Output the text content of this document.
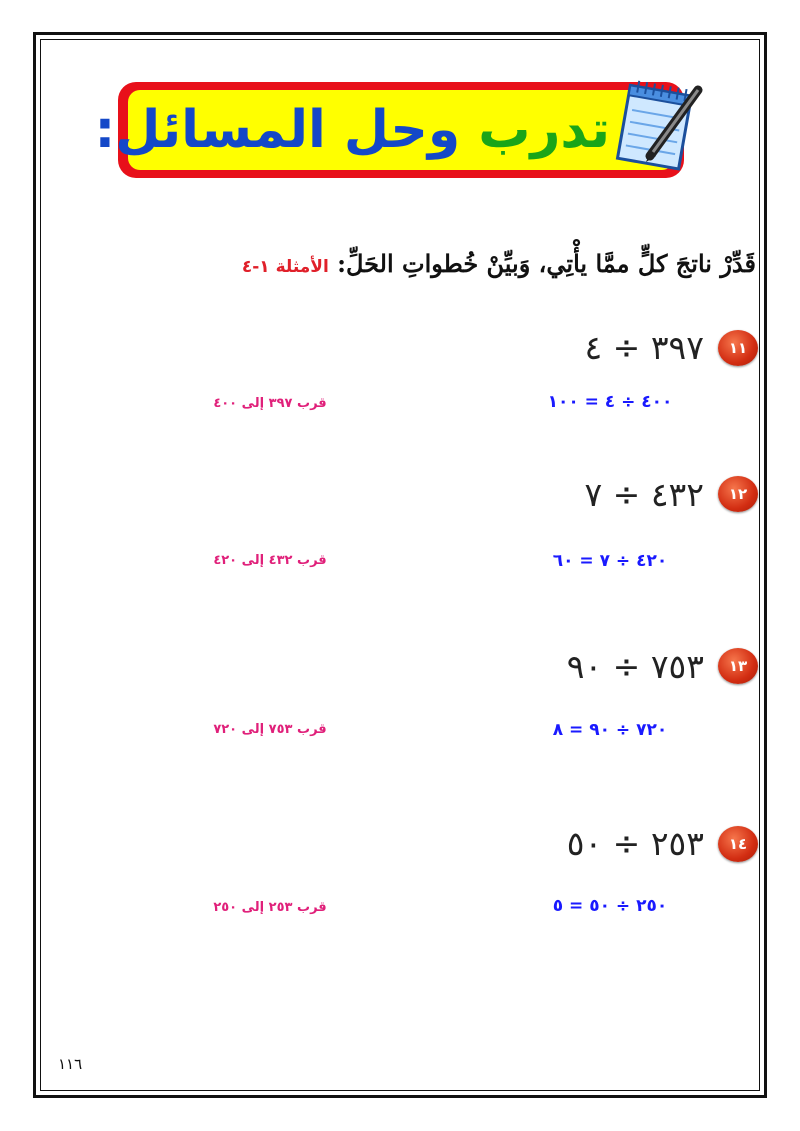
تدرب وحل المسائل:
قَدِّرْ ناتجَ كلٍّ ممَّا يأْتِي، وَبيِّنْ خُطواتِ الحَلِّ: الأمثلة ١-٤
١١
٣٩٧ ÷ ٤
٤٠٠ ÷ ٤ = ١٠٠
قرب ٣٩٧ إلى ٤٠٠
١٢
٤٣٢ ÷ ٧
٤٢٠ ÷ ٧ = ٦٠
قرب ٤٣٢ إلى ٤٢٠
١٣
٧٥٣ ÷ ٩٠
٧٢٠ ÷ ٩٠ = ٨
قرب ٧٥٣ إلى ٧٢٠
١٤
٢٥٣ ÷ ٥٠
٢٥٠ ÷ ٥٠ = ٥
قرب ٢٥٣ إلى ٢٥٠
١١٦
